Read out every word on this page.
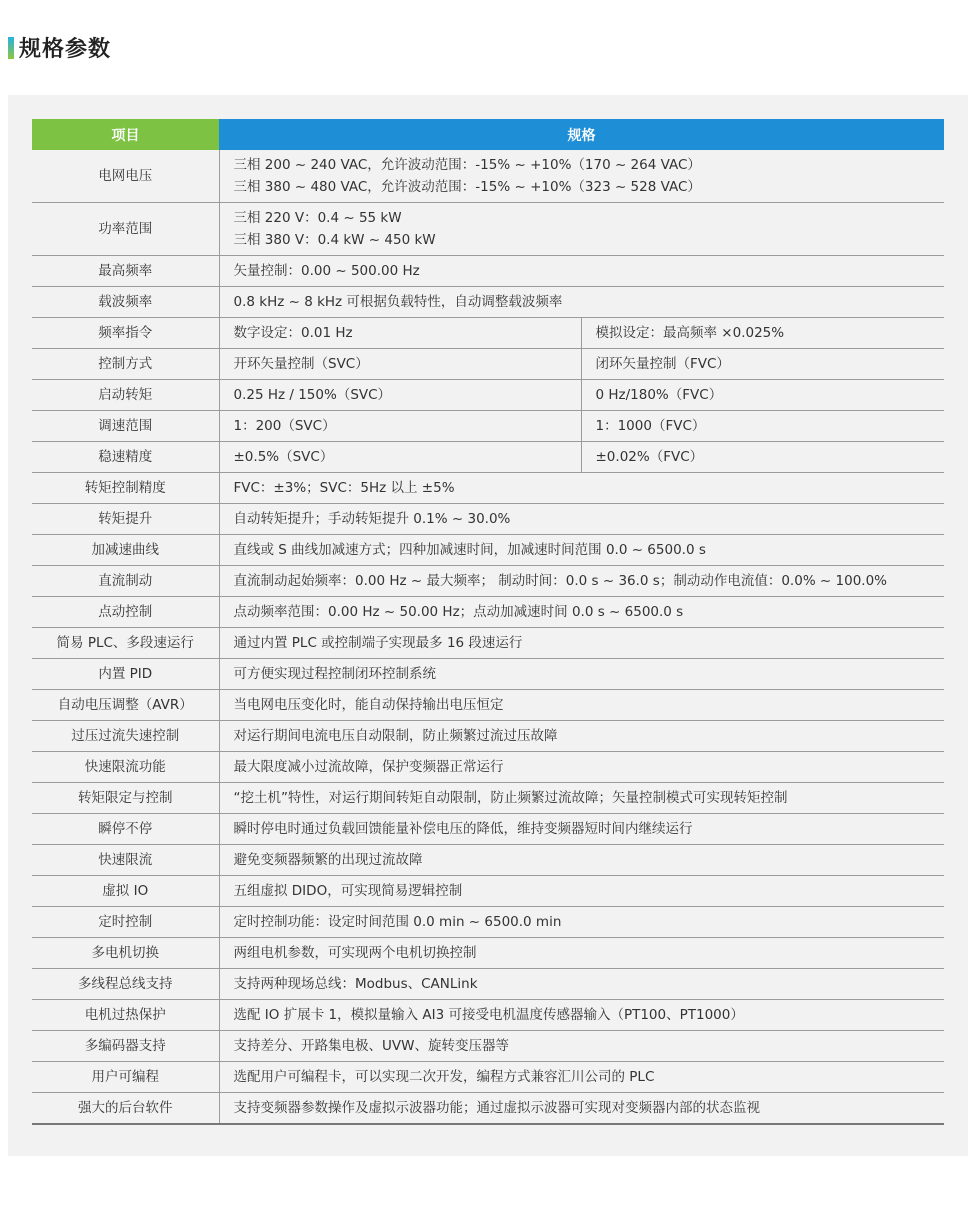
规格参数
项目	规格	
电网电压	三相 200 ~ 240 VAC，允许波动范围：-15% ~ +10%（170 ~ 264 VAC）
三相 380 ~ 480 VAC，允许波动范围：-15% ~ +10%（323 ~ 528 VAC）	

功率范围	三相 220 V：0.4 ~ 55 kW
三相 380 V：0.4 kW ~ 450 kW	

最高频率	矢量控制：0.00 ~ 500.00 Hz	
载波频率	0.8 kHz ~ 8 kHz 可根据负载特性，自动调整载波频率	
频率指令	数字设定：0.01 Hz	模拟设定：最高频率 ×0.025%
控制方式	开环矢量控制（SVC）	闭环矢量控制（FVC）
启动转矩	0.25 Hz / 150%（SVC）	0 Hz/180%（FVC）
调速范围	1：200（SVC）	1：1000（FVC）
稳速精度	±0.5%（SVC）	±0.02%（FVC）
转矩控制精度	FVC：±3%；SVC：5Hz 以上 ±5%	
转矩提升	自动转矩提升；手动转矩提升 0.1% ~ 30.0%	
加减速曲线	直线或 S 曲线加减速方式；四种加减速时间，加减速时间范围 0.0 ~ 6500.0 s	
直流制动	直流制动起始频率：0.00 Hz ~ 最大频率； 制动时间：0.0 s ~ 36.0 s；制动动作电流值：0.0% ~ 100.0%	
点动控制	点动频率范围：0.00 Hz ~ 50.00 Hz；点动加减速时间 0.0 s ~ 6500.0 s	
简易 PLC、多段速运行	通过内置 PLC 或控制端子实现最多 16 段速运行	
内置 PID	可方便实现过程控制闭环控制系统	
自动电压调整（AVR）	当电网电压变化时，能自动保持输出电压恒定	
过压过流失速控制	对运行期间电流电压自动限制，防止频繁过流过压故障	
快速限流功能	最大限度减小过流故障，保护变频器正常运行	
转矩限定与控制	“挖土机”特性，对运行期间转矩自动限制，防止频繁过流故障；矢量控制模式可实现转矩控制	
瞬停不停	瞬时停电时通过负载回馈能量补偿电压的降低，维持变频器短时间内继续运行	
快速限流	避免变频器频繁的出现过流故障	
虚拟 IO	五组虚拟 DIDO，可实现简易逻辑控制	
定时控制	定时控制功能：设定时间范围 0.0 min ~ 6500.0 min	
多电机切换	两组电机参数，可实现两个电机切换控制	
多线程总线支持	支持两种现场总线：Modbus、CANLink	
电机过热保护	选配 IO 扩展卡 1，模拟量输入 AI3 可接受电机温度传感器输入（PT100、PT1000）	
多编码器支持	支持差分、开路集电极、UVW、旋转变压器等	
用户可编程	选配用户可编程卡，可以实现二次开发，编程方式兼容汇川公司的 PLC	
强大的后台软件	支持变频器参数操作及虚拟示波器功能；通过虚拟示波器可实现对变频器内部的状态监视	
